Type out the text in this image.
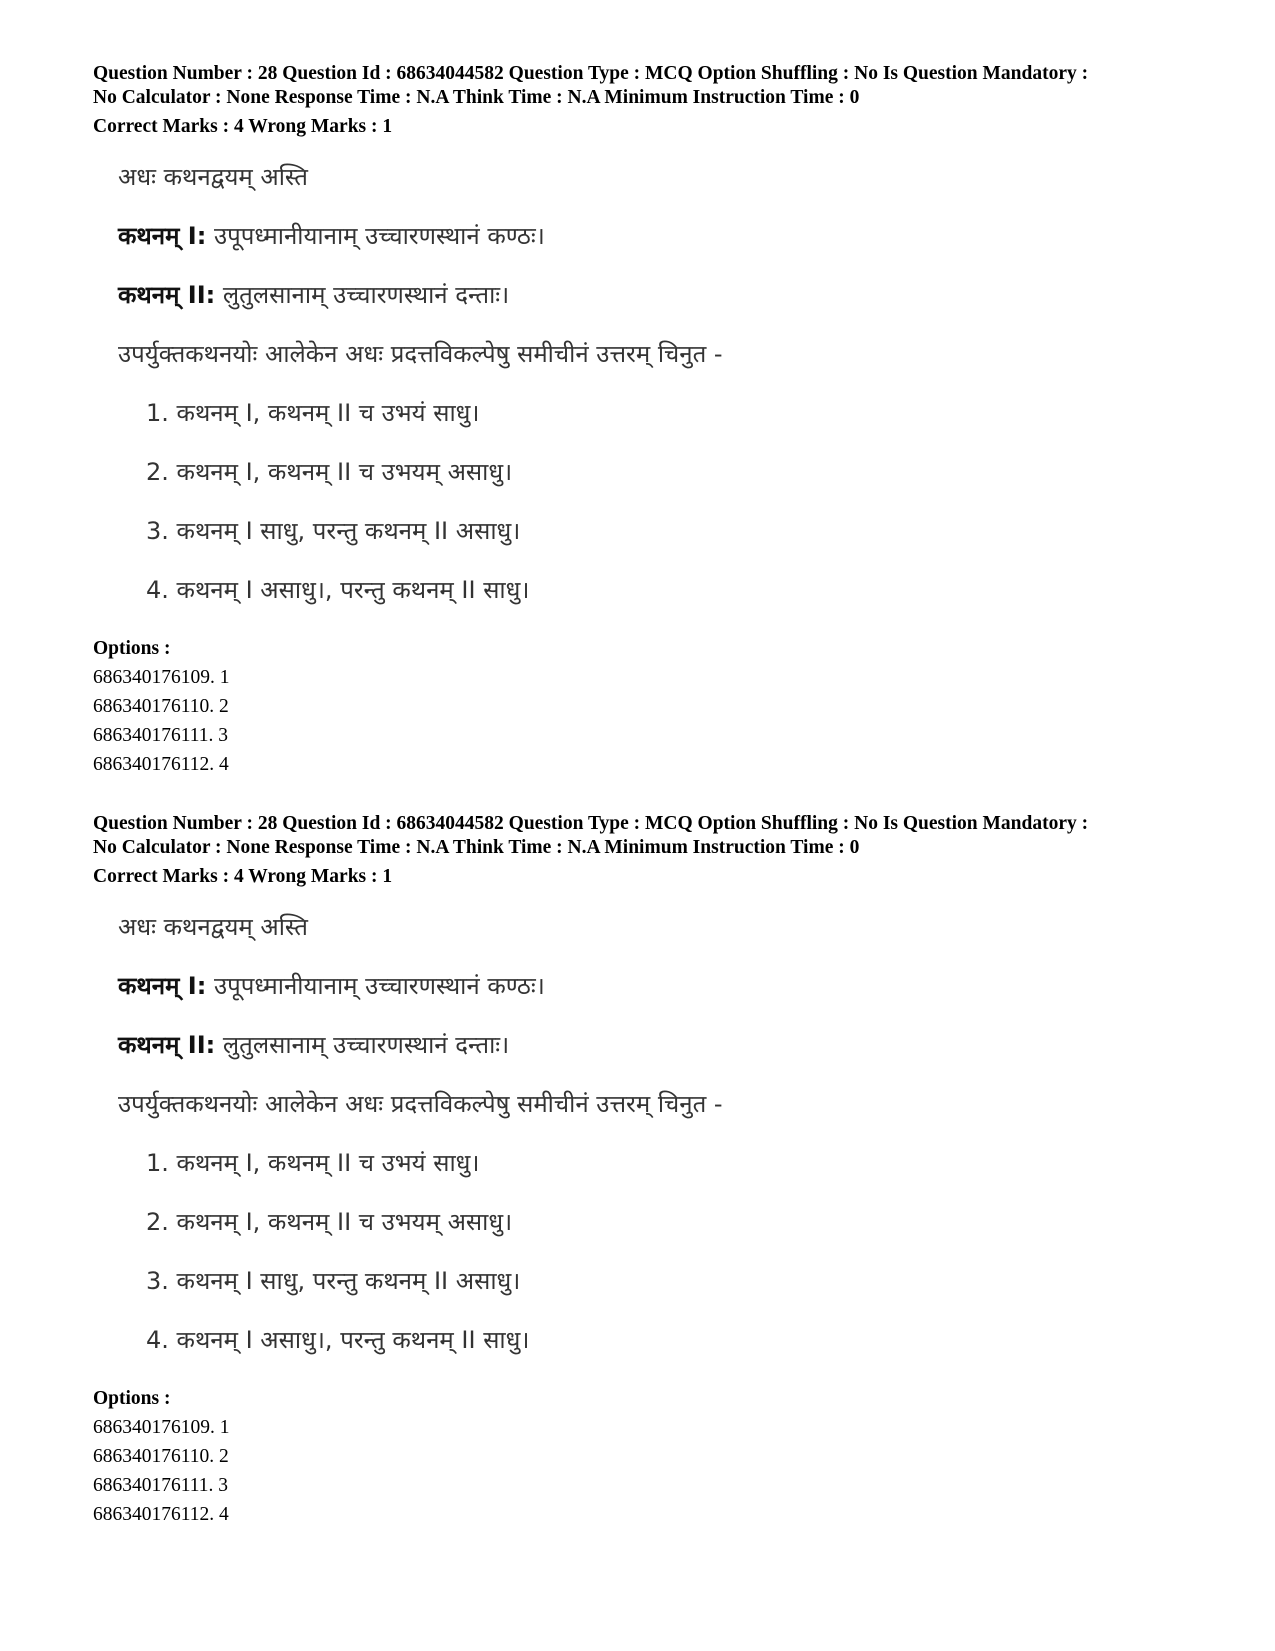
Question Number : 28 Question Id : 68634044582 Question Type : MCQ Option Shuffling : No Is Question Mandatory :
No Calculator : None Response Time : N.A Think Time : N.A Minimum Instruction Time : 0
Correct Marks : 4 Wrong Marks : 1
अधः कथनद्वयम् अस्ति
कथनम् I: उपूपध्मानीयानाम् उच्चारणस्थानं कण्ठः।
कथनम् II: लुतुलसानाम् उच्चारणस्थानं दन्ताः।
उपर्युक्तकथनयोः आलेकेन अधः प्रदत्तविकल्पेषु समीचीनं उत्तरम् चिनुत -
1. कथनम् I, कथनम् II च उभयं साधु।
2. कथनम् I, कथनम् II च उभयम् असाधु।
3. कथनम् I साधु, परन्तु कथनम् II असाधु।
4. कथनम् I असाधु।, परन्तु कथनम् II साधु।
Options :
686340176109. 1
686340176110. 2
686340176111. 3
686340176112. 4
Question Number : 28 Question Id : 68634044582 Question Type : MCQ Option Shuffling : No Is Question Mandatory :
No Calculator : None Response Time : N.A Think Time : N.A Minimum Instruction Time : 0
Correct Marks : 4 Wrong Marks : 1
अधः कथनद्वयम् अस्ति
कथनम् I: उपूपध्मानीयानाम् उच्चारणस्थानं कण्ठः।
कथनम् II: लुतुलसानाम् उच्चारणस्थानं दन्ताः।
उपर्युक्तकथनयोः आलेकेन अधः प्रदत्तविकल्पेषु समीचीनं उत्तरम् चिनुत -
1. कथनम् I, कथनम् II च उभयं साधु।
2. कथनम् I, कथनम् II च उभयम् असाधु।
3. कथनम् I साधु, परन्तु कथनम् II असाधु।
4. कथनम् I असाधु।, परन्तु कथनम् II साधु।
Options :
686340176109. 1
686340176110. 2
686340176111. 3
686340176112. 4
